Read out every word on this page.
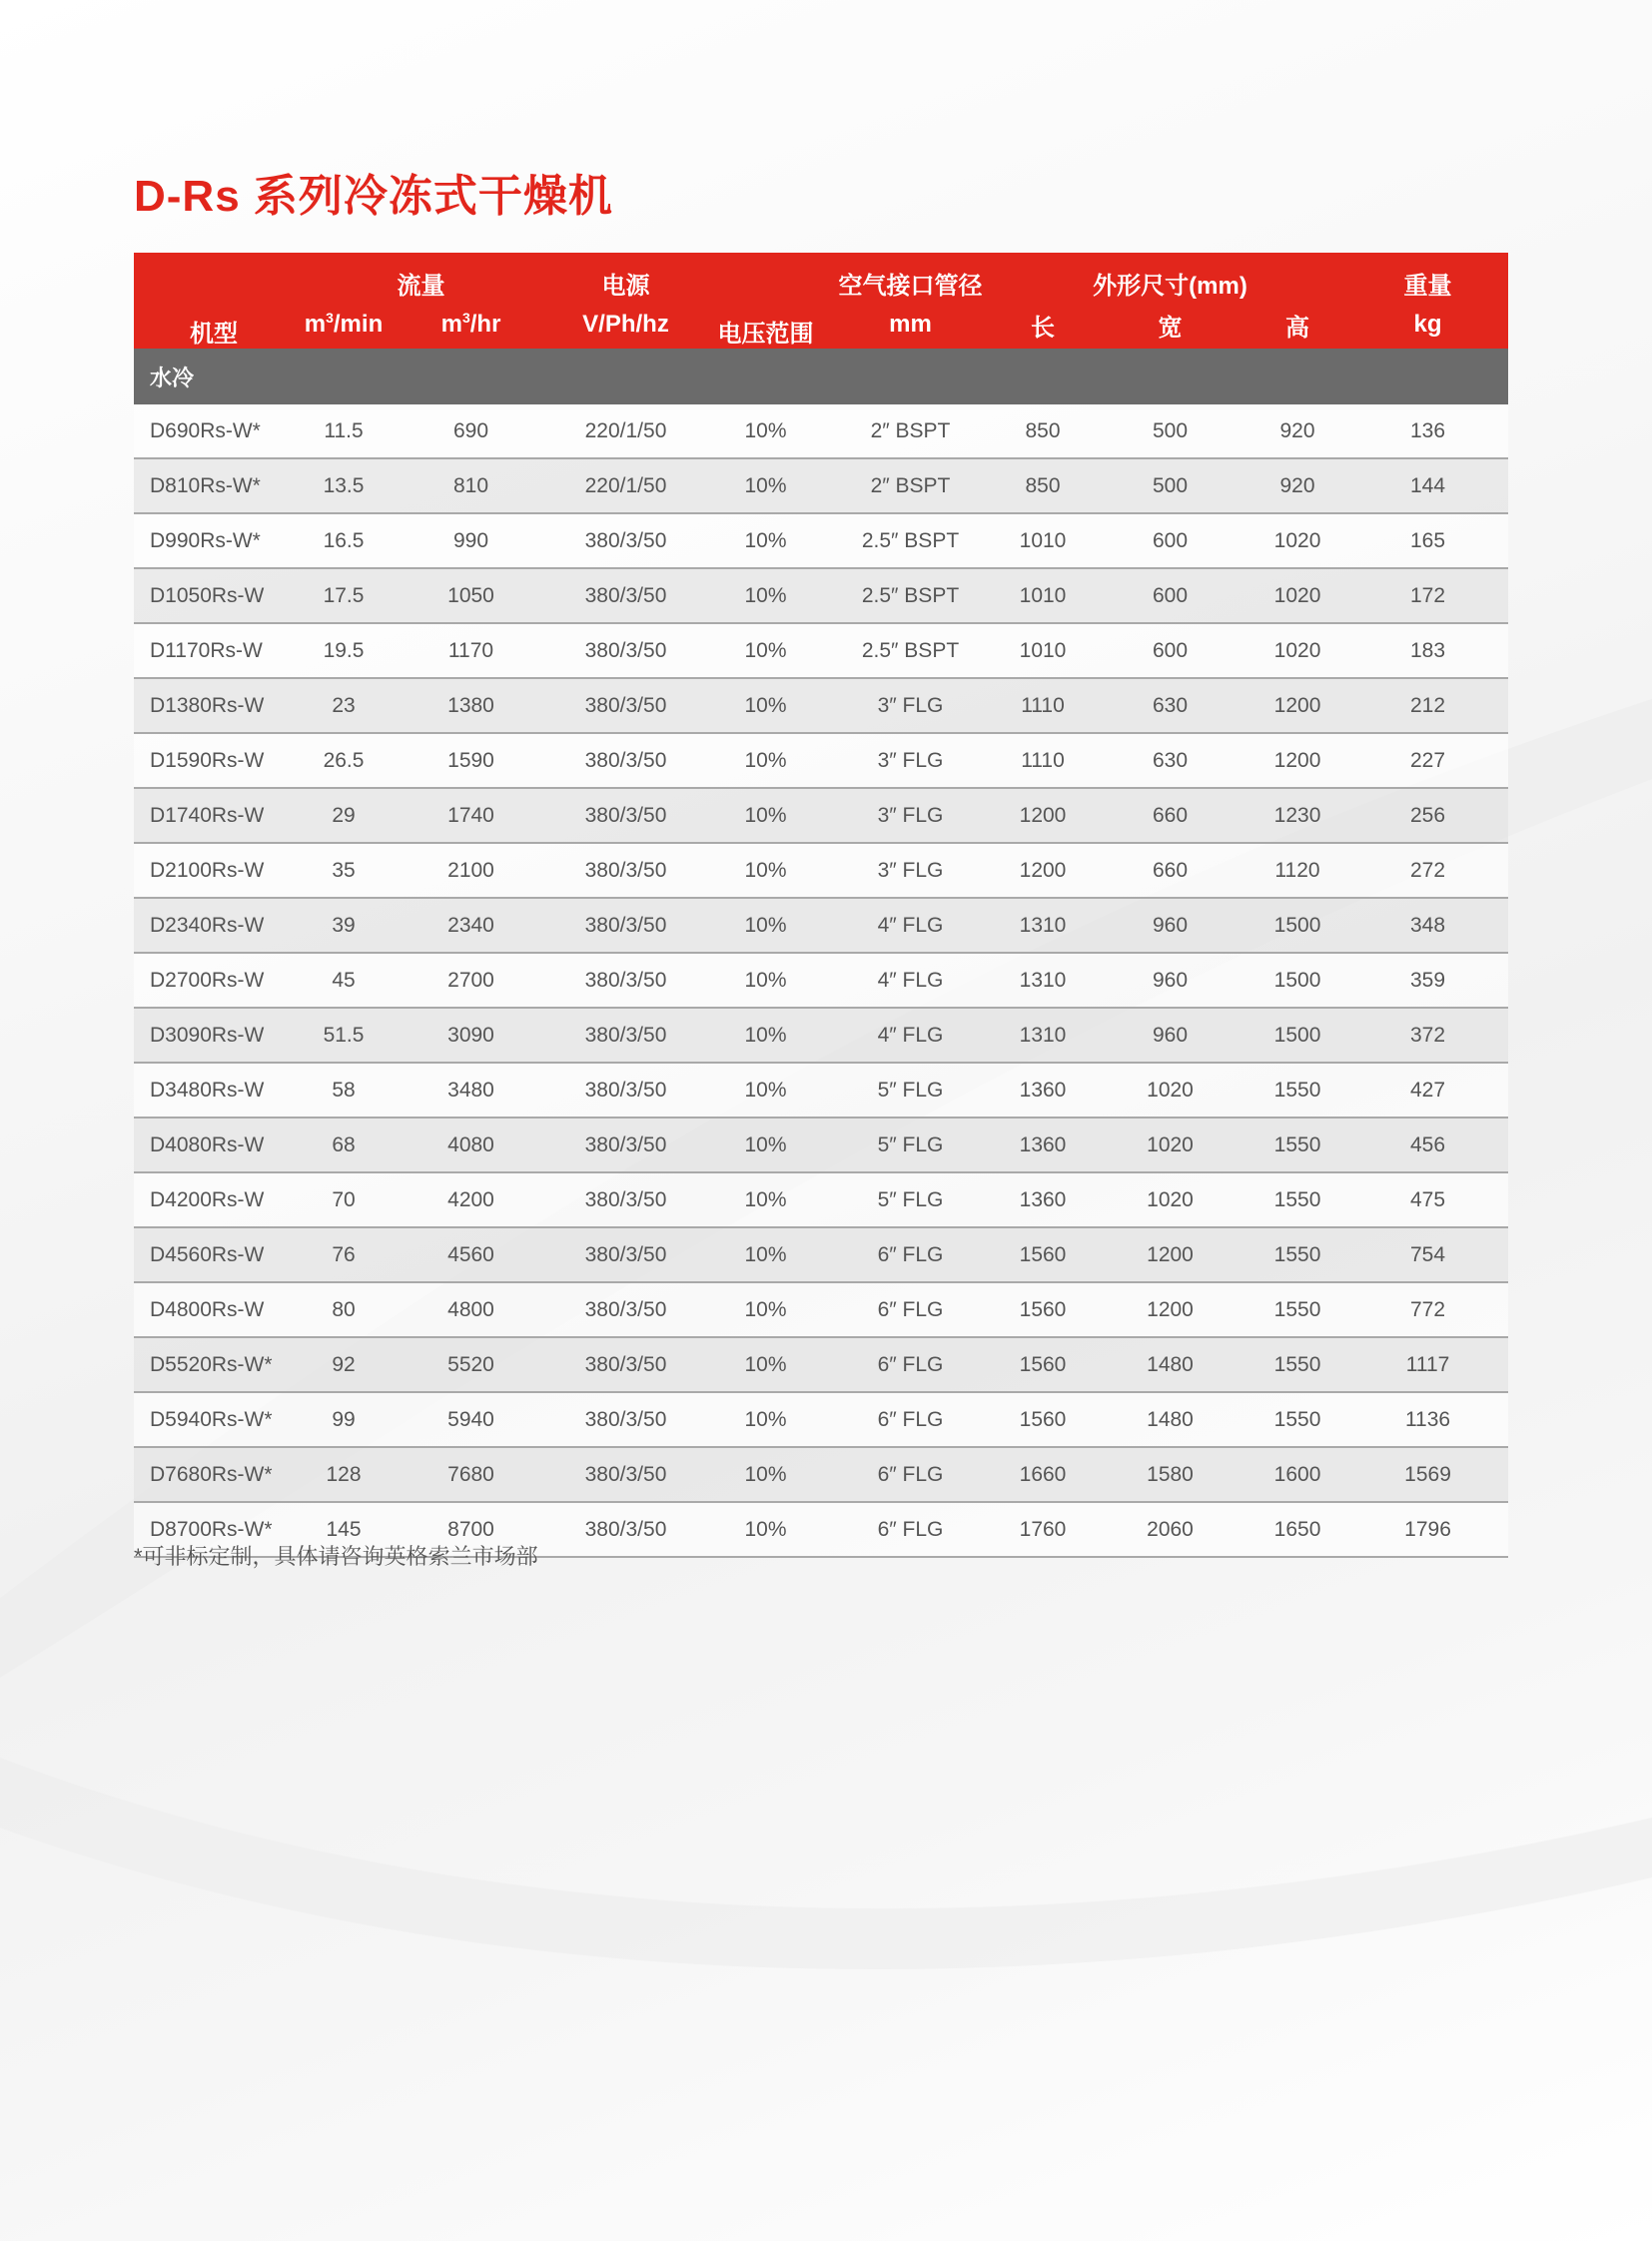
D-Rs 系列冷冻式干燥机
机型	流量		电源	电压范围	空气接口管径	外形尺寸(mm)			重量
	$m^3/\min$	$m^3/hr$	V/Ph/hz		mm	长	宽	高	kg
水冷									
D690Rs-W*	11.5	690	220/1/50	10%	2″ BSPT	850	500	920	136
D810Rs-W*	13.5	810	220/1/50	10%	2″ BSPT	850	500	920	144
D990Rs-W*	16.5	990	380/3/50	10%	2.5″ BSPT	1010	600	1020	165
D1050Rs-W	17.5	1050	380/3/50	10%	2.5″ BSPT	1010	600	1020	172
D1170Rs-W	19.5	1170	380/3/50	10%	2.5″ BSPT	1010	600	1020	183
D1380Rs-W	23	1380	380/3/50	10%	3″ FLG	1110	630	1200	212
D1590Rs-W	26.5	1590	380/3/50	10%	3″ FLG	1110	630	1200	227
D1740Rs-W	29	1740	380/3/50	10%	3″ FLG	1200	660	1230	256
D2100Rs-W	35	2100	380/3/50	10%	3″ FLG	1200	660	1120	272
D2340Rs-W	39	2340	380/3/50	10%	4″ FLG	1310	960	1500	348
D2700Rs-W	45	2700	380/3/50	10%	4″ FLG	1310	960	1500	359
D3090Rs-W	51.5	3090	380/3/50	10%	4″ FLG	1310	960	1500	372
D3480Rs-W	58	3480	380/3/50	10%	5″ FLG	1360	1020	1550	427
D4080Rs-W	68	4080	380/3/50	10%	5″ FLG	1360	1020	1550	456
D4200Rs-W	70	4200	380/3/50	10%	5″ FLG	1360	1020	1550	475
D4560Rs-W	76	4560	380/3/50	10%	6″ FLG	1560	1200	1550	754
D4800Rs-W	80	4800	380/3/50	10%	6″ FLG	1560	1200	1550	772
D5520Rs-W*	92	5520	380/3/50	10%	6″ FLG	1560	1480	1550	1117
D5940Rs-W*	99	5940	380/3/50	10%	6″ FLG	1560	1480	1550	1136
D7680Rs-W*	128	7680	380/3/50	10%	6″ FLG	1660	1580	1600	1569
D8700Rs-W*	145	8700	380/3/50	10%	6″ FLG	1760	2060	1650	1796
*可非标定制，具体请咨询英格索兰市场部
